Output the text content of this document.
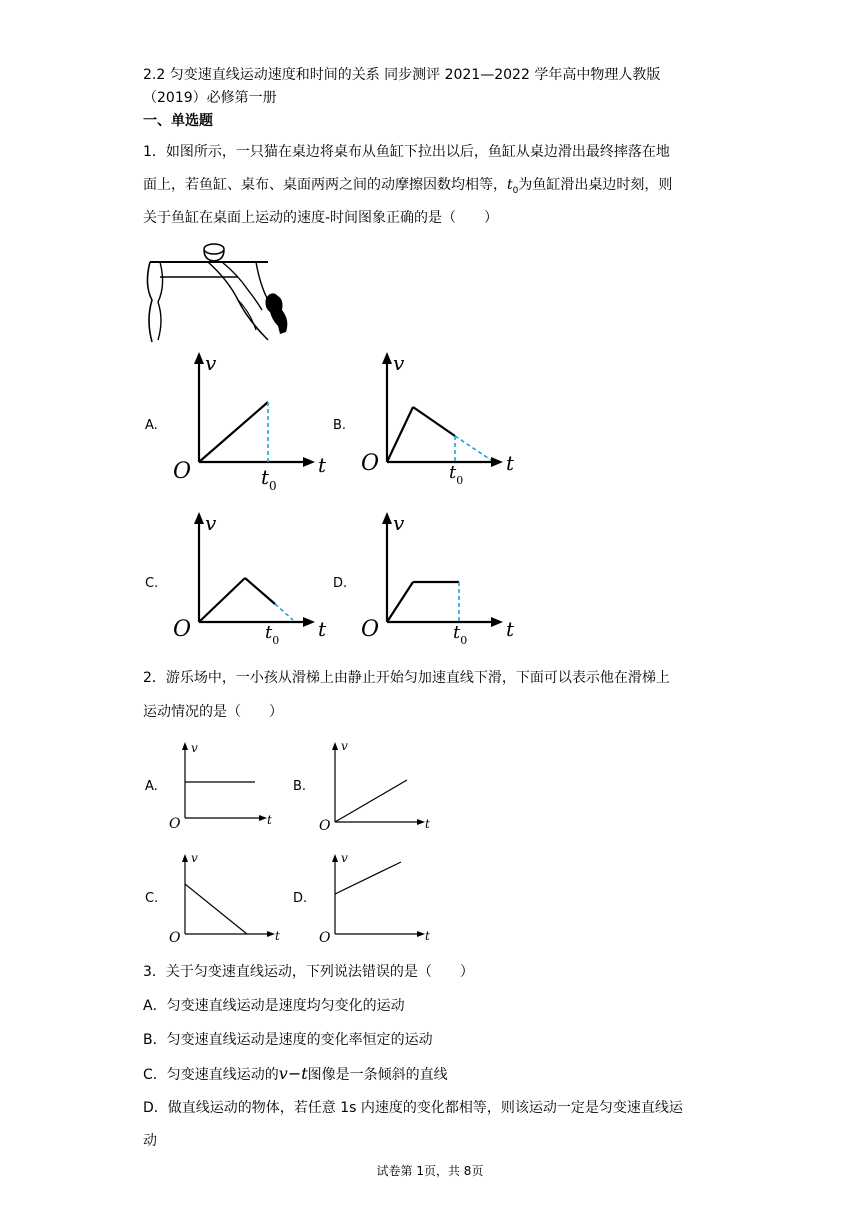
2.2 匀变速直线运动速度和时间的关系 同步测评 2021—2022 学年高中物理人教版
（2019）必修第一册
一、单选题
1．如图所示，一只猫在桌边将桌布从鱼缸下拉出以后，鱼缸从桌边滑出最终摔落在地
面上，若鱼缸、桌布、桌面两两之间的动摩擦因数均相等，$t_0$为鱼缸滑出桌边时刻，则
关于鱼缸在桌面上运动的速度-时间图象正确的是（　　）
A.	B.
C.	D.
v
O	t
$t_0$
v
O	t
$t_0$
v
O	t
$t_0$
v
O	t
$t_0$
2．游乐场中，一小孩从滑梯上由静止开始匀加速直线下滑，下面可以表示他在滑梯上
运动情况的是（　　）
A.	B.
C.	D.
v
O	t
v
O	t
v
O	t
v
O	t
3．关于匀变速直线运动，下列说法错误的是（　　）
A．匀变速直线运动是速度均匀变化的运动
B．匀变速直线运动是速度的变化率恒定的运动
C．匀变速直线运动的v−t图像是一条倾斜的直线
D．做直线运动的物体，若任意 1s 内速度的变化都相等，则该运动一定是匀变速直线运
动
试卷第 1页，共 8页
